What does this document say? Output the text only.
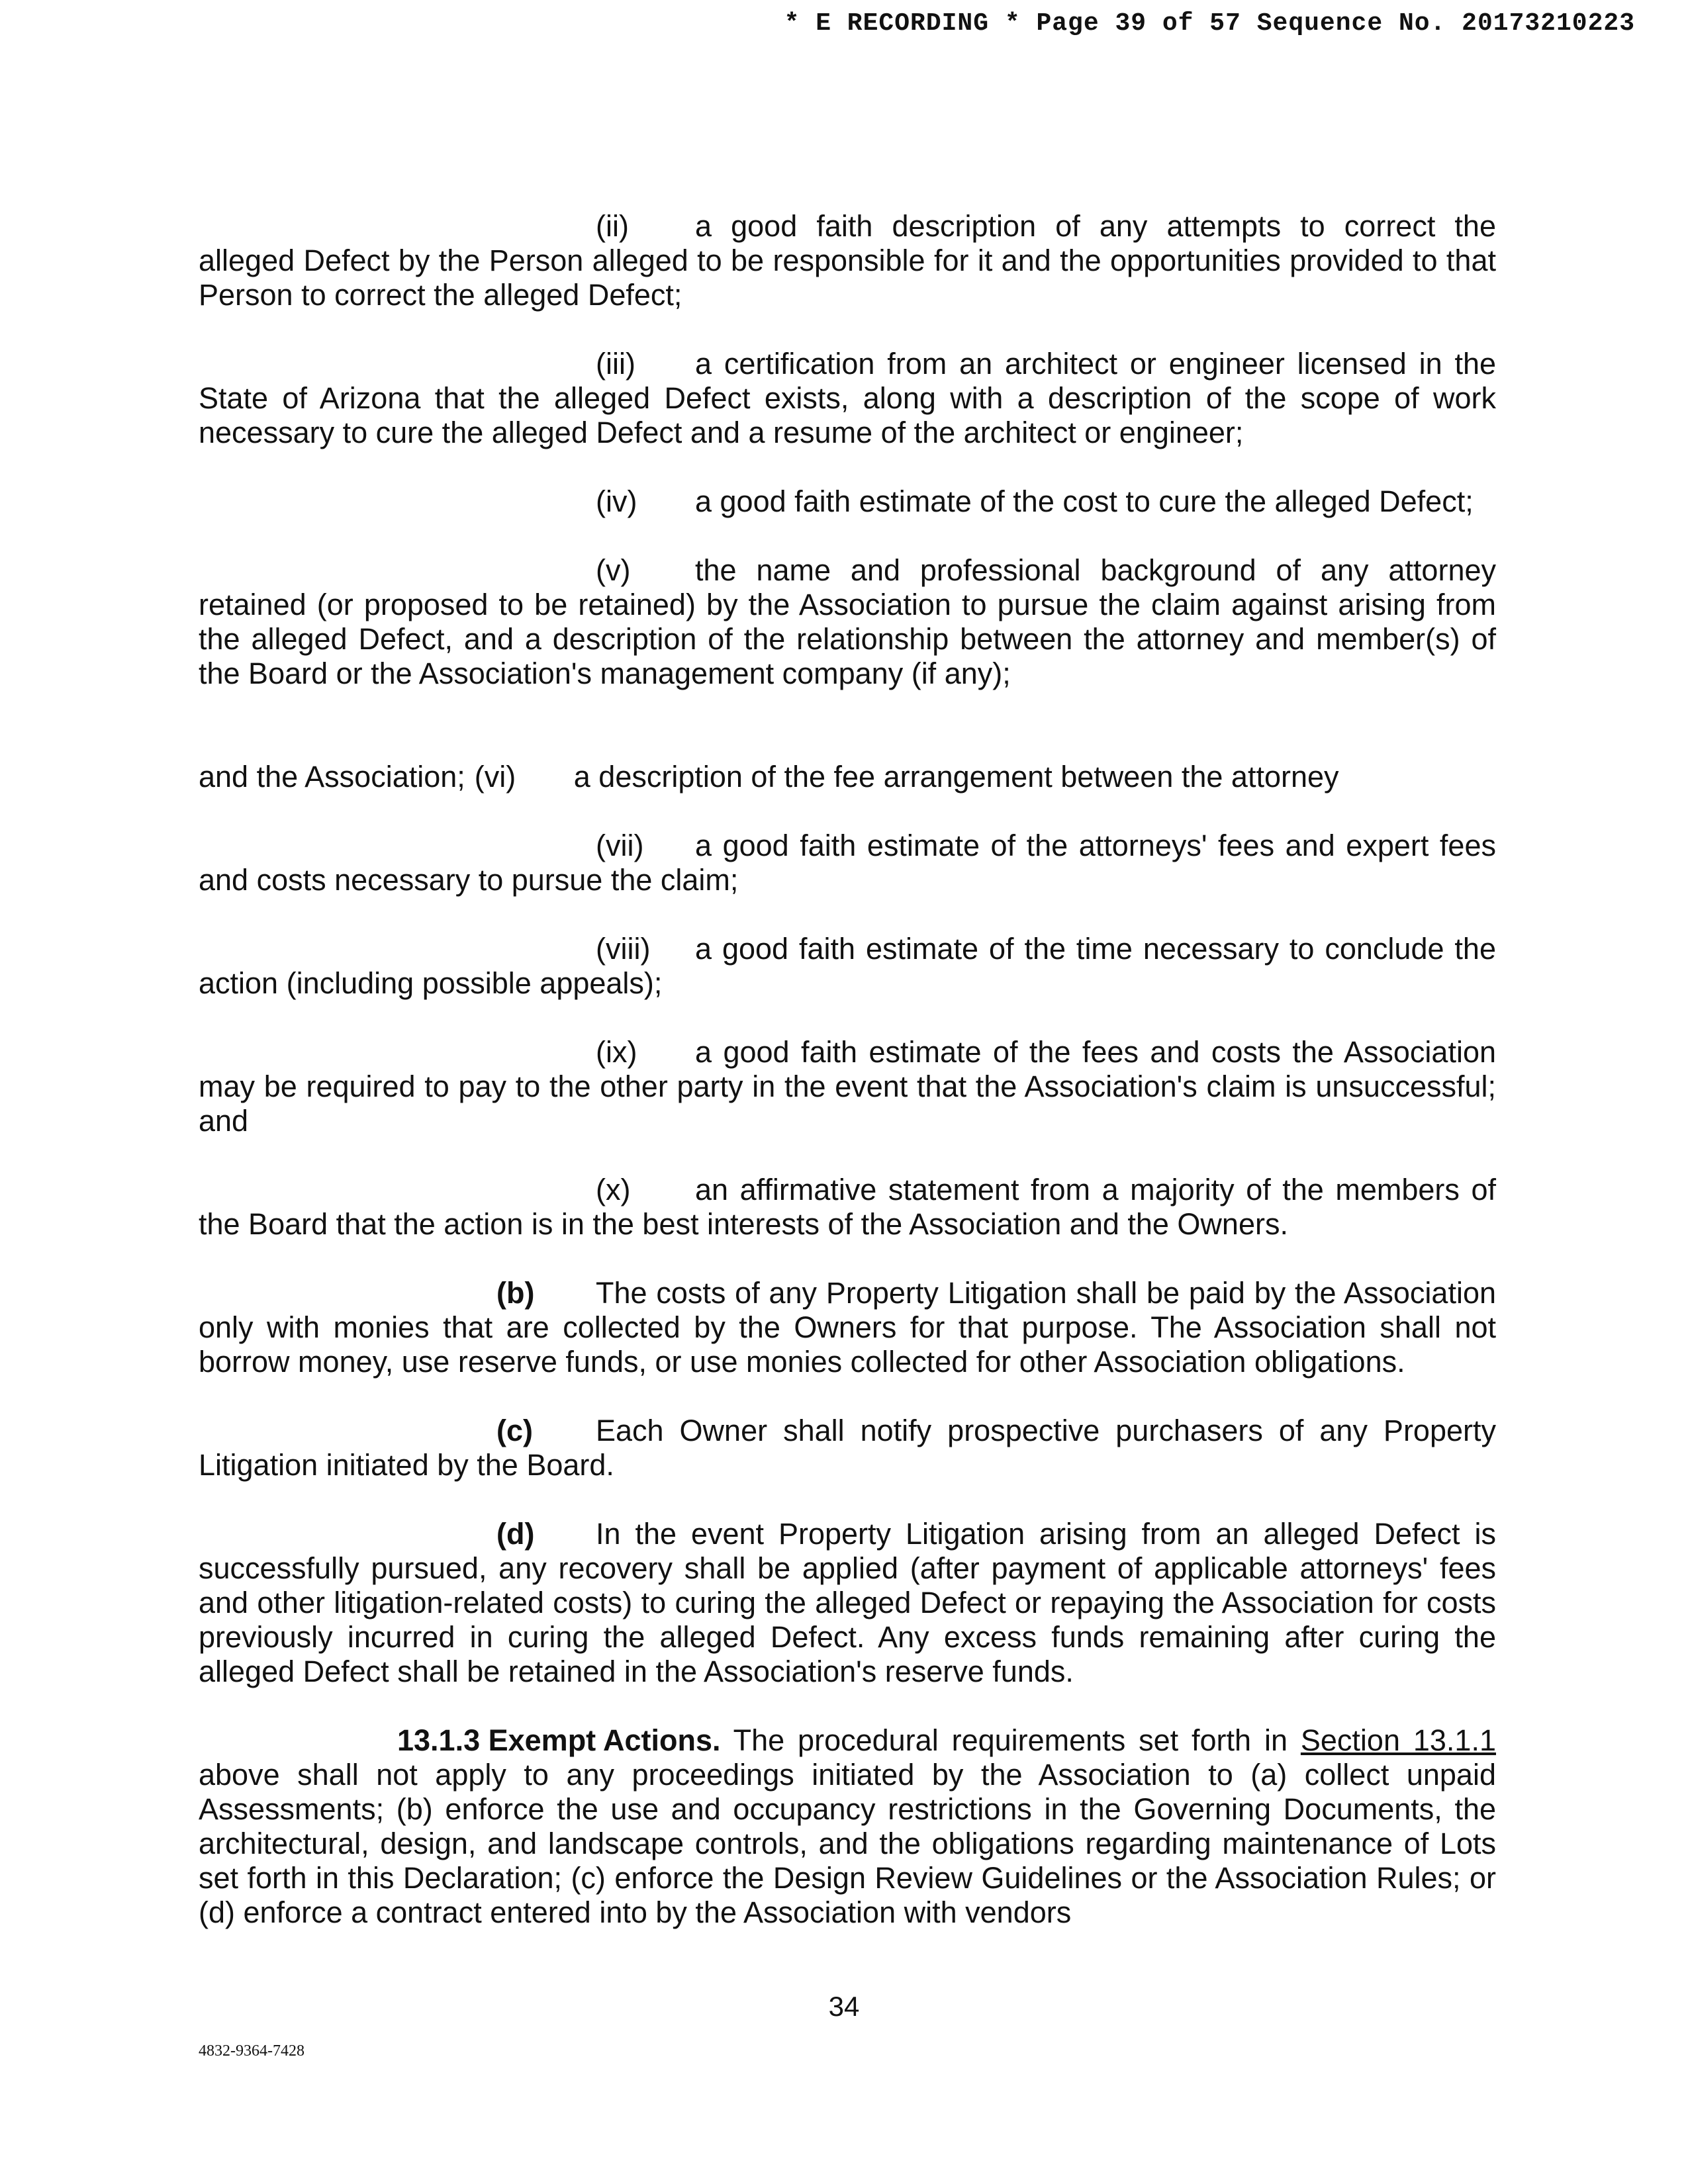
* E RECORDING * Page 39 of 57 Sequence No. 20173210223

(ii) a good faith description of any attempts to correct the alleged Defect by the Person alleged to be responsible for it and the opportunities provided to that Person to correct the alleged Defect;

(iii) a certification from an architect or engineer licensed in the State of Arizona that the alleged Defect exists, along with a description of the scope of work necessary to cure the alleged Defect and a resume of the architect or engineer;

(iv) a good faith estimate of the cost to cure the alleged Defect;

(v) the name and professional background of any attorney retained (or proposed to be retained) by the Association to pursue the claim against arising from the alleged Defect, and a description of the relationship between the attorney and member(s) of the Board or the Association's management company (if any);

and the Association; (vi) a description of the fee arrangement between the attorney

(vii) a good faith estimate of the attorneys' fees and expert fees and costs necessary to pursue the claim;

(viii) a good faith estimate of the time necessary to conclude the action (including possible appeals);

(ix) a good faith estimate of the fees and costs the Association may be required to pay to the other party in the event that the Association's claim is unsuccessful; and

(x) an affirmative statement from a majority of the members of the Board that the action is in the best interests of the Association and the Owners.

(b) The costs of any Property Litigation shall be paid by the Association only with monies that are collected by the Owners for that purpose. The Association shall not borrow money, use reserve funds, or use monies collected for other Association obligations.

(c) Each Owner shall notify prospective purchasers of any Property Litigation initiated by the Board.

(d) In the event Property Litigation arising from an alleged Defect is successfully pursued, any recovery shall be applied (after payment of applicable attorneys' fees and other litigation-related costs) to curing the alleged Defect or repaying the Association for costs previously incurred in curing the alleged Defect. Any excess funds remaining after curing the alleged Defect shall be retained in the Association's reserve funds.

13.1.3 Exempt Actions. The procedural requirements set forth in Section 13.1.1 above shall not apply to any proceedings initiated by the Association to (a) collect unpaid Assessments; (b) enforce the use and occupancy restrictions in the Governing Documents, the architectural, design, and landscape controls, and the obligations regarding maintenance of Lots set forth in this Declaration; (c) enforce the Design Review Guidelines or the Association Rules; or (d) enforce a contract entered into by the Association with vendors

34
4832-9364-7428
